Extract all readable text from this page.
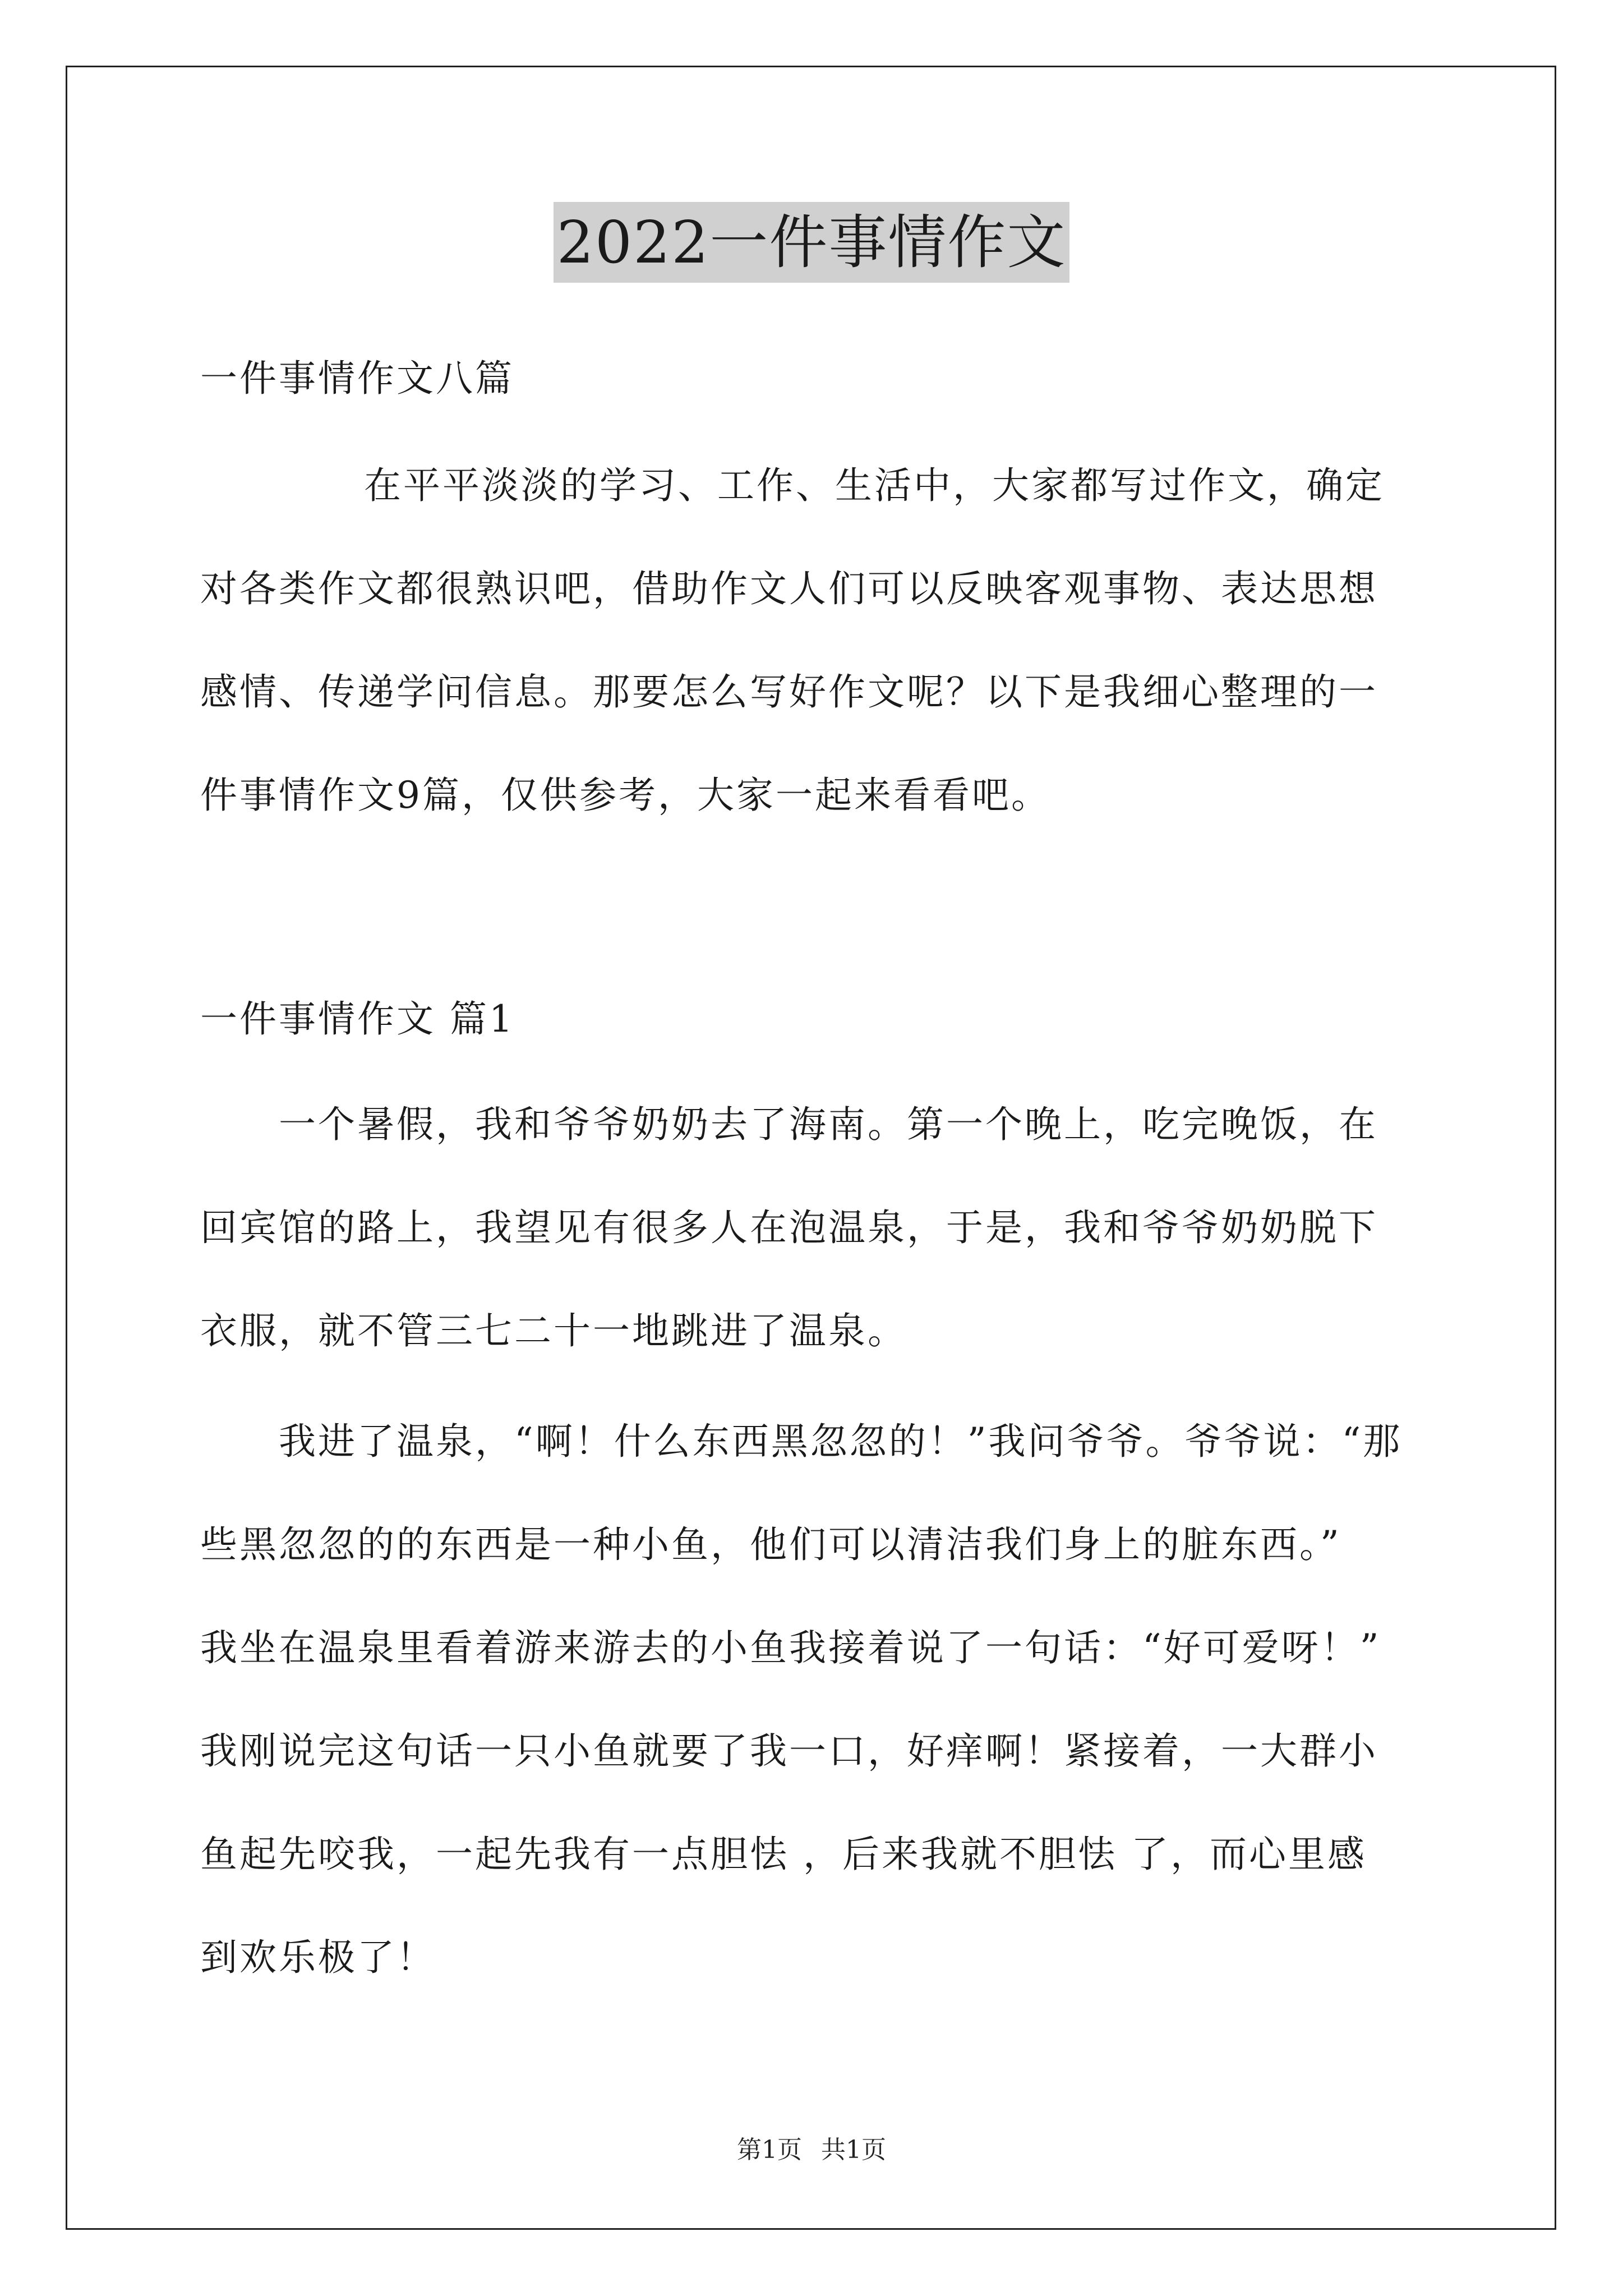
2022一件事情作文
一件事情作文八篇
在平平淡淡的学习、工作、生活中，大家都写过作文，确定
对各类作文都很熟识吧，借助作文人们可以反映客观事物、表达思想
感情、传递学问信息。那要怎么写好作文呢？以下是我细心整理的一
件事情作文9篇，仅供参考，大家一起来看看吧。
一件事情作文 篇1
一个暑假，我和爷爷奶奶去了海南。第一个晚上，吃完晚饭，在
回宾馆的路上，我望见有很多人在泡温泉，于是，我和爷爷奶奶脱下
衣服，就不管三七二十一地跳进了温泉。
我进了温泉，“啊！什么东西黑忽忽的！”我问爷爷。爷爷说：“那
些黑忽忽的的东西是一种小鱼，他们可以清洁我们身上的脏东西。”
我坐在温泉里看着游来游去的小鱼我接着说了一句话：“好可爱呀！”
我刚说完这句话一只小鱼就要了我一口，好痒啊！紧接着，一大群小
鱼起先咬我，一起先我有一点胆怯 ，后来我就不胆怯 了，而心里感
到欢乐极了！
第1页 共1页
